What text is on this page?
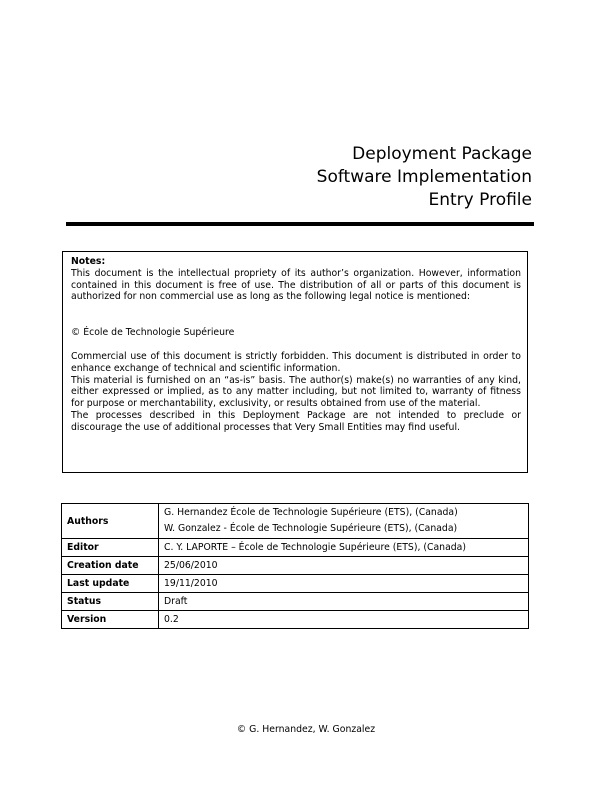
Deployment Package
Software Implementation
Entry Profile

Notes:

This document is the intellectual propriety of its author’s organization. However, information contained in this document is free of use. The distribution of all or parts of this document is authorized for non commercial use as long as the following legal notice is mentioned:

© École de Technologie Supérieure

Commercial use of this document is strictly forbidden. This document is distributed in order to enhance exchange of technical and scientific information.

This material is furnished on an “as-is” basis. The author(s) make(s) no warranties of any kind, either expressed or implied, as to any matter including, but not limited to, warranty of fitness for purpose or merchantability, exclusivity, or results obtained from use of the material.

The processes described in this Deployment Package are not intended to preclude or discourage the use of additional processes that Very Small Entities may find useful.

Authors	G. Hernandez École de Technologie Supérieure (ETS), (Canada)
W. Gonzalez - École de Technologie Supérieure (ETS), (Canada)

Editor	C. Y. LAPORTE – École de Technologie Supérieure (ETS), (Canada)
Creation date	25/06/2010
Last update	19/11/2010
Status	Draft
Version	0.2
© G. Hernandez, W. Gonzalez
